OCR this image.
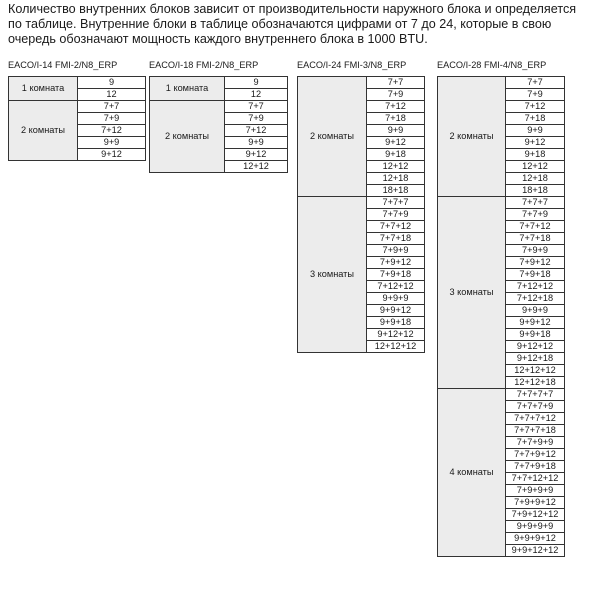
Количество внутренних блоков зависит от производительности наружного блока и определяется по таблице. Внутренние блоки в таблице обозначаются цифрами от 7 до 24, которые в свою очередь обозначают мощность каждого внутреннего блока в 1000 BTU.

EACO/I-14 FMI-2/N8_ERP
1 комната	9
	12
2 комнаты	7+7
	7+9
	7+12
	9+9
	9+12
EACO/I-18 FMI-2/N8_ERP
1 комната	9
	12
2 комнаты	7+7
	7+9
	7+12
	9+9
	9+12
	12+12
EACO/I-24 FMI-3/N8_ERP
2 комнаты	7+7
	7+9
	7+12
	7+18
	9+9
	9+12
	9+18
	12+12
	12+18
	18+18
3 комнаты	7+7+7
	7+7+9
	7+7+12
	7+7+18
	7+9+9
	7+9+12
	7+9+18
	7+12+12
	9+9+9
	9+9+12
	9+9+18
	9+12+12
	12+12+12
EACO/I-28 FMI-4/N8_ERP
2 комнаты	7+7
	7+9
	7+12
	7+18
	9+9
	9+12
	9+18
	12+12
	12+18
	18+18
3 комнаты	7+7+7
	7+7+9
	7+7+12
	7+7+18
	7+9+9
	7+9+12
	7+9+18
	7+12+12
	7+12+18
	9+9+9
	9+9+12
	9+9+18
	9+12+12
	9+12+18
	12+12+12
	12+12+18
4 комнаты	7+7+7+7
	7+7+7+9
	7+7+7+12
	7+7+7+18
	7+7+9+9
	7+7+9+12
	7+7+9+18
	7+7+12+12
	7+9+9+9
	7+9+9+12
	7+9+12+12
	9+9+9+9
	9+9+9+12
	9+9+12+12
